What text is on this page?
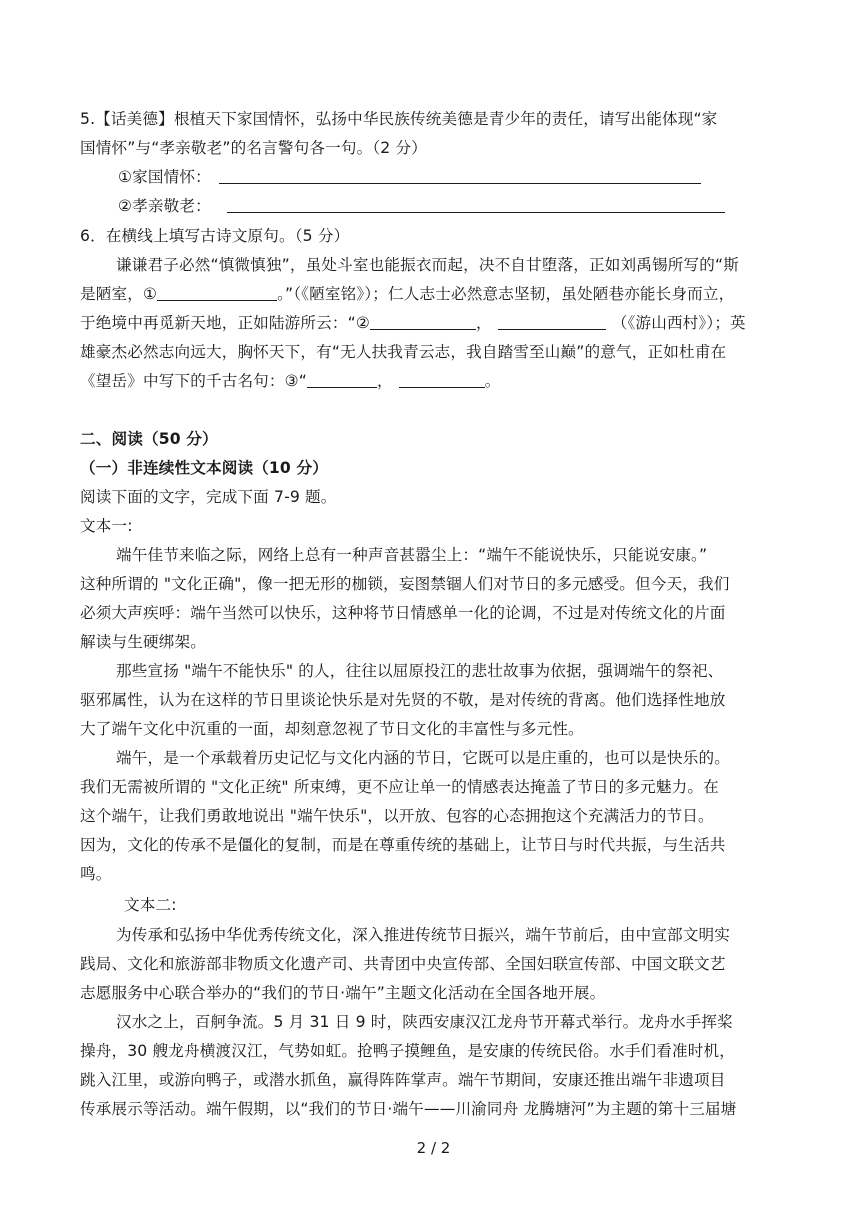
5.【话美德】根植天下家国情怀，弘扬中华民族传统美德是青少年的责任，请写出能体现“家
国情怀”与“孝亲敬老”的名言警句各一句。（2 分）
①家国情怀：
②孝亲敬老：
6．在横线上填写古诗文原句。（5 分）
谦谦君子必然“慎微慎独”，虽处斗室也能振衣而起，决不自甘堕落，正如刘禹锡所写的“斯
是陋室，①	。”（《陋室铭》）；仁人志士必然意志坚韧，虽处陋巷亦能长身而立，
于绝境中再觅新天地，正如陆游所云：“②	，	（《游山西村》）；英
雄豪杰必然志向远大，胸怀天下，有“无人扶我青云志，我自踏雪至山巅”的意气，正如杜甫在
《望岳》中写下的千古名句：③“	，	。
二、阅读（50 分）
（一）非连续性文本阅读（10 分）
阅读下面的文字，完成下面 7-9 题。
文本一:
端午佳节来临之际，网络上总有一种声音甚嚣尘上：“端午不能说快乐，只能说安康。”
这种所谓的 "文化正确"，像一把无形的枷锁，妄图禁锢人们对节日的多元感受。但今天，我们
必须大声疾呼：端午当然可以快乐，这种将节日情感单一化的论调，不过是对传统文化的片面
解读与生硬绑架。
那些宣扬 "端午不能快乐" 的人，往往以屈原投江的悲壮故事为依据，强调端午的祭祀、
驱邪属性，认为在这样的节日里谈论快乐是对先贤的不敬，是对传统的背离。他们选择性地放
大了端午文化中沉重的一面，却刻意忽视了节日文化的丰富性与多元性。
端午，是一个承载着历史记忆与文化内涵的节日，它既可以是庄重的，也可以是快乐的。
我们无需被所谓的 "文化正统" 所束缚，更不应让单一的情感表达掩盖了节日的多元魅力。在
这个端午，让我们勇敢地说出 "端午快乐"，以开放、包容的心态拥抱这个充满活力的节日。
因为，文化的传承不是僵化的复制，而是在尊重传统的基础上，让节日与时代共振，与生活共
鸣。
文本二:
为传承和弘扬中华优秀传统文化，深入推进传统节日振兴，端午节前后，由中宣部文明实
践局、文化和旅游部非物质文化遗产司、共青团中央宣传部、全国妇联宣传部、中国文联文艺
志愿服务中心联合举办的“我们的节日·端午”主题文化活动在全国各地开展。
汉水之上，百舸争流。5 月 31 日 9 时，陕西安康汉江龙舟节开幕式举行。龙舟水手挥桨
操舟，30 艘龙舟横渡汉江，气势如虹。抢鸭子摸鲤鱼，是安康的传统民俗。水手们看准时机，
跳入江里，或游向鸭子，或潜水抓鱼，赢得阵阵掌声。端午节期间，安康还推出端午非遗项目
传承展示等活动。端午假期，以“我们的节日·端午——川渝同舟 龙腾塘河”为主题的第十三届塘
2 / 2
